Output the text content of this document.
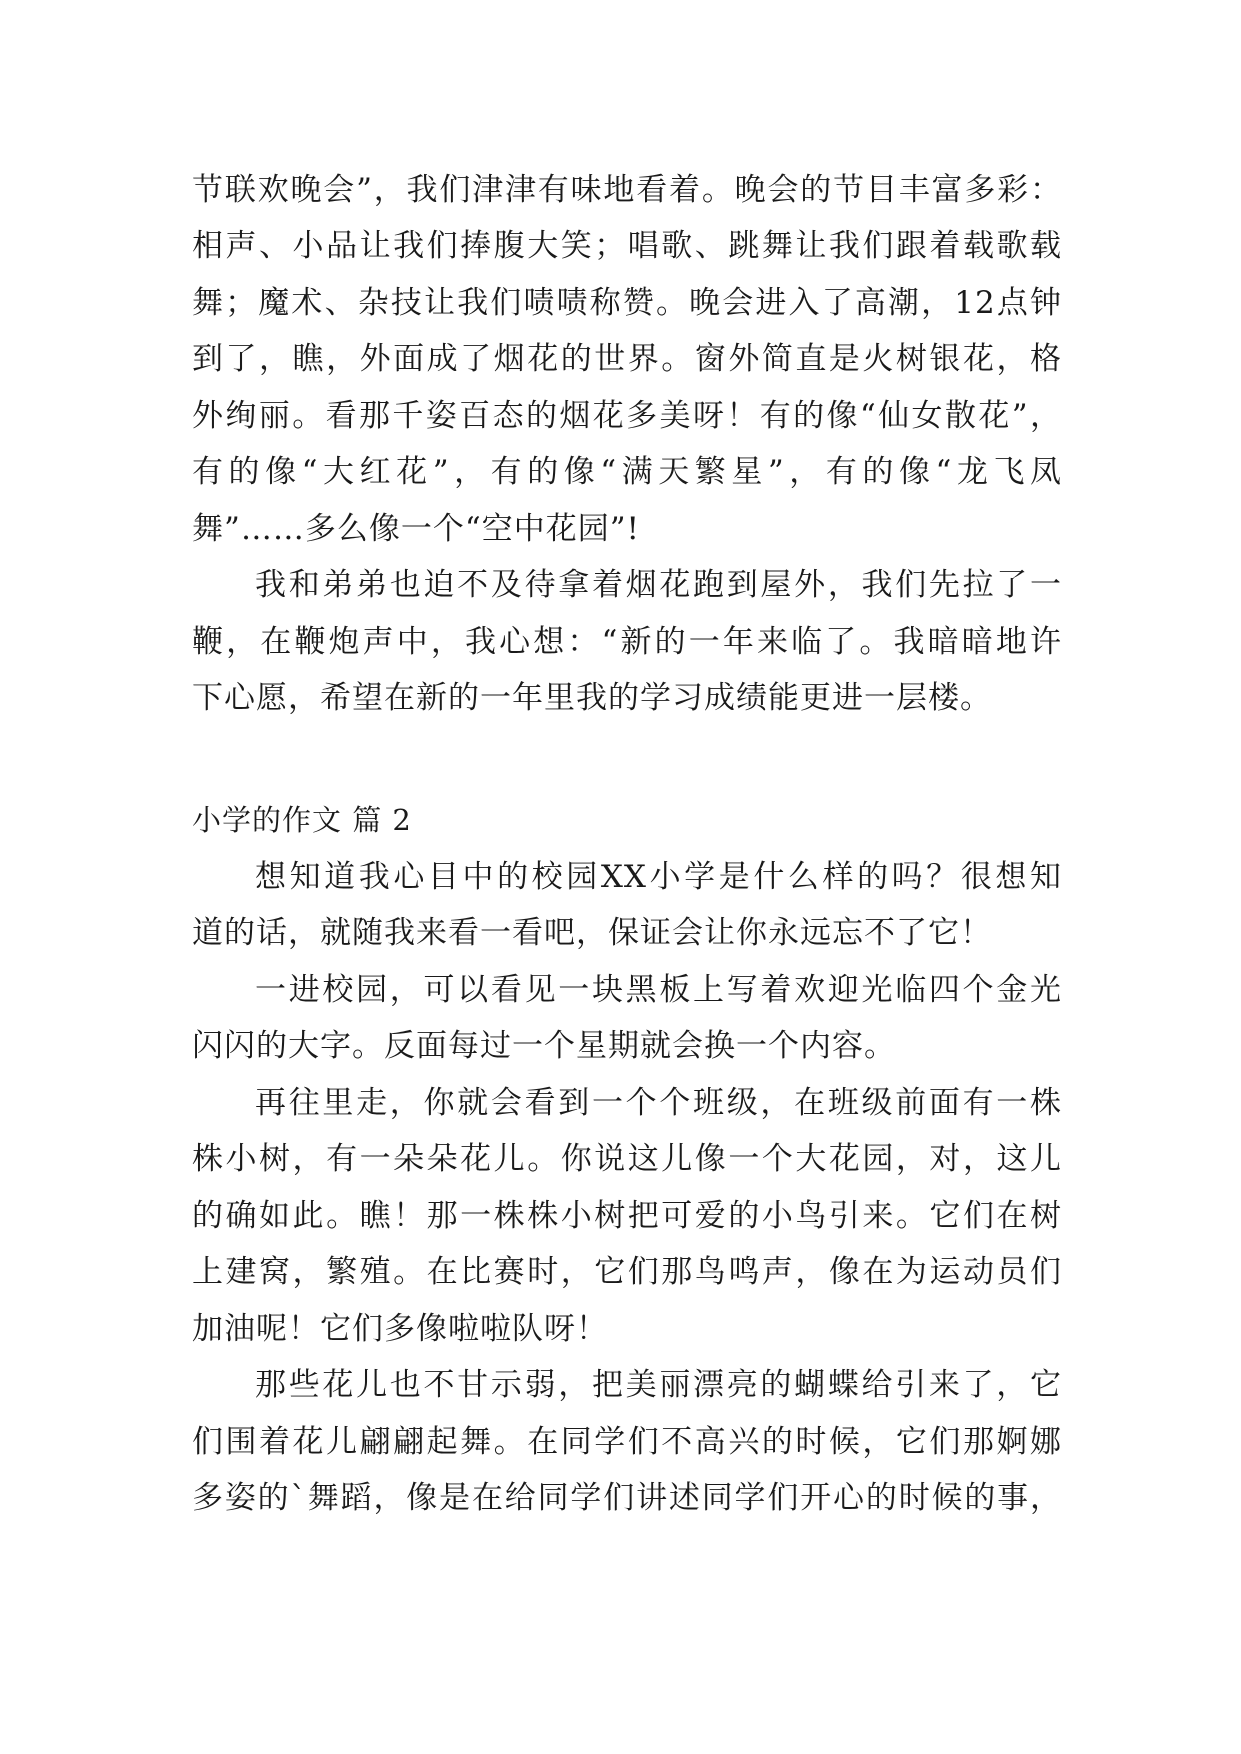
节联欢晚会”，我们津津有味地看着。晚会的节目丰富多彩：
相声、小品让我们捧腹大笑；唱歌、跳舞让我们跟着载歌载
舞；魔术、杂技让我们啧啧称赞。晚会进入了高潮，12点钟
到了，瞧，外面成了烟花的世界。窗外简直是火树银花，格
外绚丽。看那千姿百态的烟花多美呀！有的像“仙女散花”，
有的像“大红花”，有的像“满天繁星”，有的像“龙飞凤
舞”……多么像一个“空中花园”!
我和弟弟也迫不及待拿着烟花跑到屋外，我们先拉了一
鞭，在鞭炮声中，我心想：“新的一年来临了。我暗暗地许
下心愿，希望在新的一年里我的学习成绩能更进一层楼。
小学的作文 篇 2
想知道我心目中的校园XX小学是什么样的吗？很想知
道的话，就随我来看一看吧，保证会让你永远忘不了它！
一进校园，可以看见一块黑板上写着欢迎光临四个金光
闪闪的大字。反面每过一个星期就会换一个内容。
再往里走，你就会看到一个个班级，在班级前面有一株
株小树，有一朵朵花儿。你说这儿像一个大花园，对，这儿
的确如此。瞧！那一株株小树把可爱的小鸟引来。它们在树
上建窝，繁殖。在比赛时，它们那鸟鸣声，像在为运动员们
加油呢！它们多像啦啦队呀！
那些花儿也不甘示弱，把美丽漂亮的蝴蝶给引来了，它
们围着花儿翩翩起舞。在同学们不高兴的时候，它们那婀娜
多姿的`舞蹈，像是在给同学们讲述同学们开心的时候的事，
